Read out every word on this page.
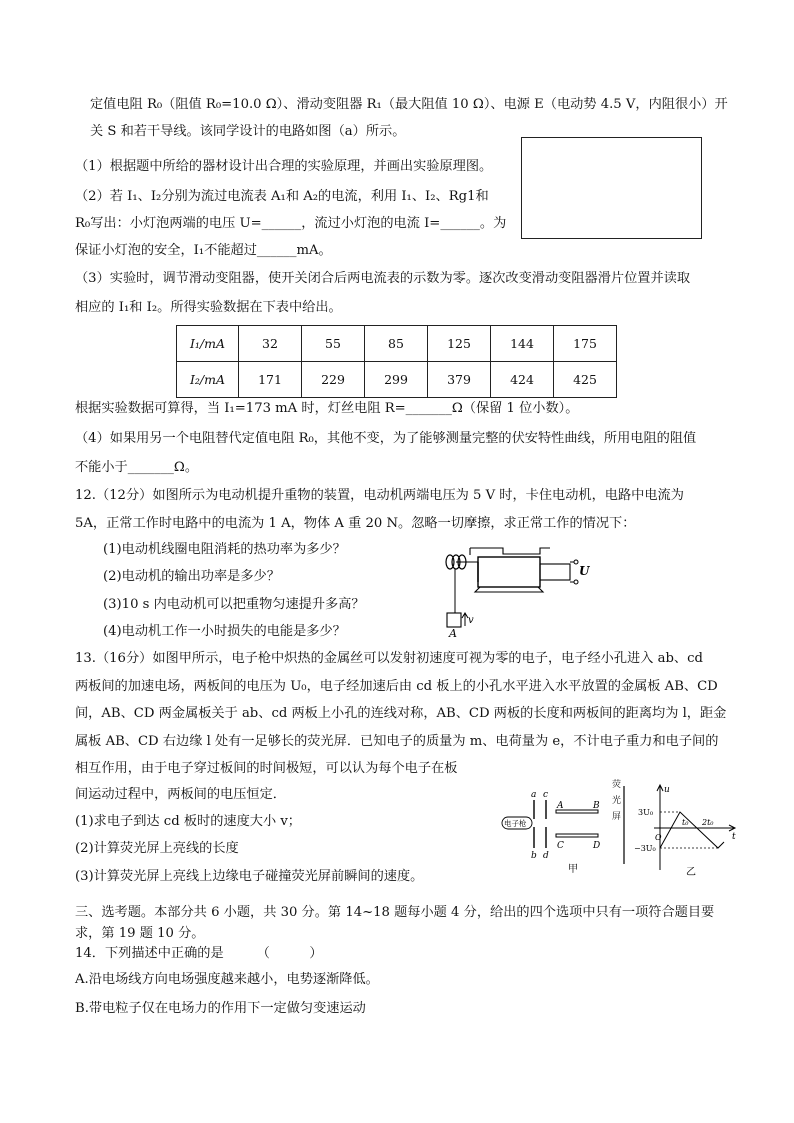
定值电阻 R₀（阻值 R₀=10.0 Ω）、滑动变阻器 R₁（最大阻值 10 Ω）、电源 E（电动势 4.5 V，内阻很小）开
关 S 和若干导线。该同学设计的电路如图（a）所示。
（1）根据题中所给的器材设计出合理的实验原理，并画出实验原理图。
（2）若 I₁、I₂分别为流过电流表 A₁和 A₂的电流，利用 I₁、I₂、Rg1和
R₀写出：小灯泡两端的电压 U=______，流过小灯泡的电流 I=______。为
保证小灯泡的安全，I₁不能超过______mA。
（3）实验时，调节滑动变阻器，使开关闭合后两电流表的示数为零。逐次改变滑动变阻器滑片位置并读取
相应的 I₁和 I₂。所得实验数据在下表中给出。
I₁/mA	32	55	85	125	144	175
I₂/mA	171	229	299	379	424	425
根据实验数据可算得，当 I₁=173 mA 时，灯丝电阻 R=_______Ω（保留 1 位小数）。
（4）如果用另一个电阻替代定值电阻 R₀，其他不变，为了能够测量完整的伏安特性曲线，所用电阻的阻值
不能小于_______Ω。
12.（12分）如图所示为电动机提升重物的装置，电动机两端电压为 5 V 时，卡住电动机，电路中电流为
5A，正常工作时电路中的电流为 1 A，物体 A 重 20 N。忽略一切摩擦，求正常工作的情况下：
(1)电动机线圈电阻消耗的热功率为多少？
(2)电动机的输出功率是多少？
(3)10 s 内电动机可以把重物匀速提升多高？
(4)电动机工作一小时损失的电能是多少？
U
v
A
13.（16分）如图甲所示，电子枪中炽热的金属丝可以发射初速度可视为零的电子，电子经小孔进入 ab、cd
两板间的加速电场，两板间的电压为 U₀，电子经加速后由 cd 板上的小孔水平进入水平放置的金属板 AB、CD
间，AB、CD 两金属板关于 ab、cd 两板上小孔的连线对称，AB、CD 两板的长度和两板间的距离均为 l，距金
属板 AB、CD 右边缘 l 处有一足够长的荧光屏．已知电子的质量为 m、电荷量为 e，不计电子重力和电子间的
相互作用，由于电子穿过板间的时间极短，可以认为每个电子在板
间运动过程中，两板间的电压恒定．
(1)求电子到达 cd 板时的速度大小 v；
(2)计算荧光屏上亮线的长度
(3)计算荧光屏上亮线上边缘电子碰撞荧光屏前瞬间的速度。
a
b
c
d
电子枪
A	B
C	D
甲
荧
光
屏
u
t
O
3U₀
−3U₀
t₀ 2t₀
乙
三、选考题。本部分共 6 小题，共 30 分。第 14~18 题每小题 4 分，给出的四个选项中只有一项符合题目要
求，第 19 题 10 分。
14．下列描述中正确的是　　　（　　　）
A.沿电场线方向电场强度越来越小，电势逐渐降低。
B.带电粒子仅在电场力的作用下一定做匀变速运动
